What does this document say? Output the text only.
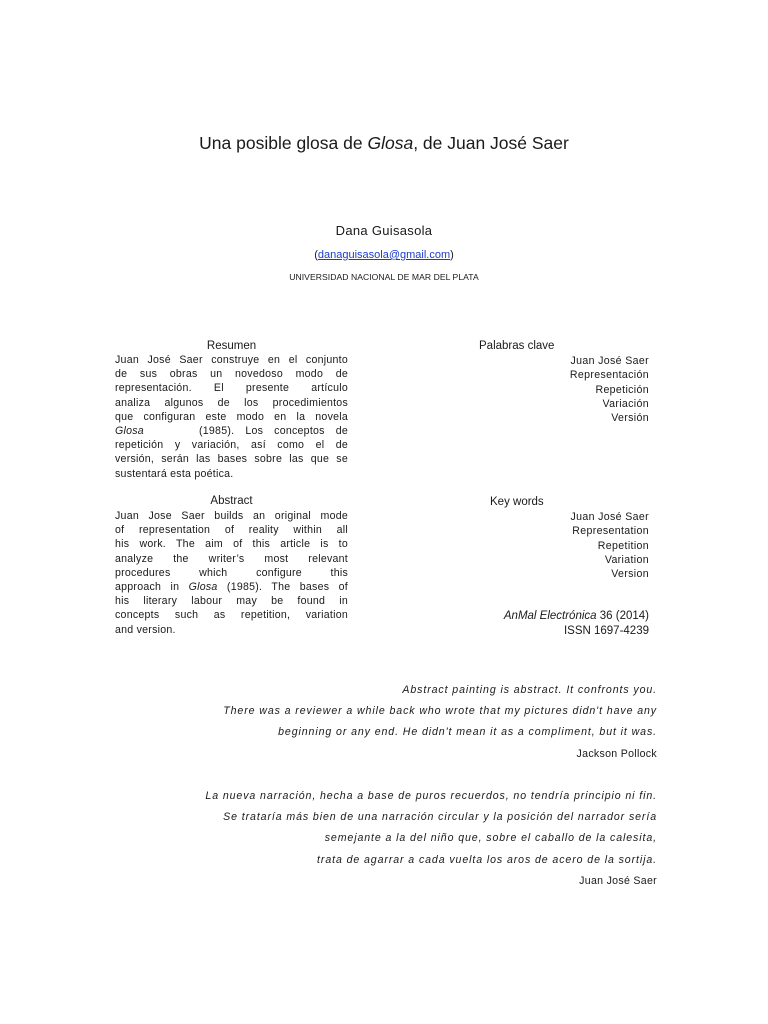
Una posible glosa de Glosa, de Juan José Saer
Dana Guisasola
(danaguisasola@gmail.com)
UNIVERSIDAD NACIONAL DE MAR DEL PLATA
Resumen
Juan José Saer construye en el conjunto
de sus obras un novedoso modo de
representación. El presente artículo
analiza algunos de los procedimientos
que configuran este modo en la novela
Glosa	(1985). Los conceptos de
repetición y variación, así como el de
versión, serán las bases sobre las que se
sustentará esta poética.
Palabras clave
Juan José Saer
Representación
Repetición
Variación
Versión
Abstract
Juan Jose Saer builds an original mode
of representation of reality within all
his work. The aim of this article is to
analyze the writer’s most relevant
procedures which configure this
approach in Glosa (1985). The bases of
his literary labour may be found in
concepts such as repetition, variation
and version.
Key words
Juan José Saer
Representation
Repetition
Variation
Version
AnMal Electrónica 36 (2014)
ISSN 1697-4239
Abstract painting is abstract. It confronts you.
There was a reviewer a while back who wrote that my pictures didn't have any
beginning or any end. He didn't mean it as a compliment, but it was.
Jackson Pollock
La nueva narración, hecha a base de puros recuerdos, no tendría principio ni fin.
Se trataría más bien de una narración circular y la posición del narrador sería
semejante a la del niño que, sobre el caballo de la calesita,
trata de agarrar a cada vuelta los aros de acero de la sortija.
Juan José Saer
